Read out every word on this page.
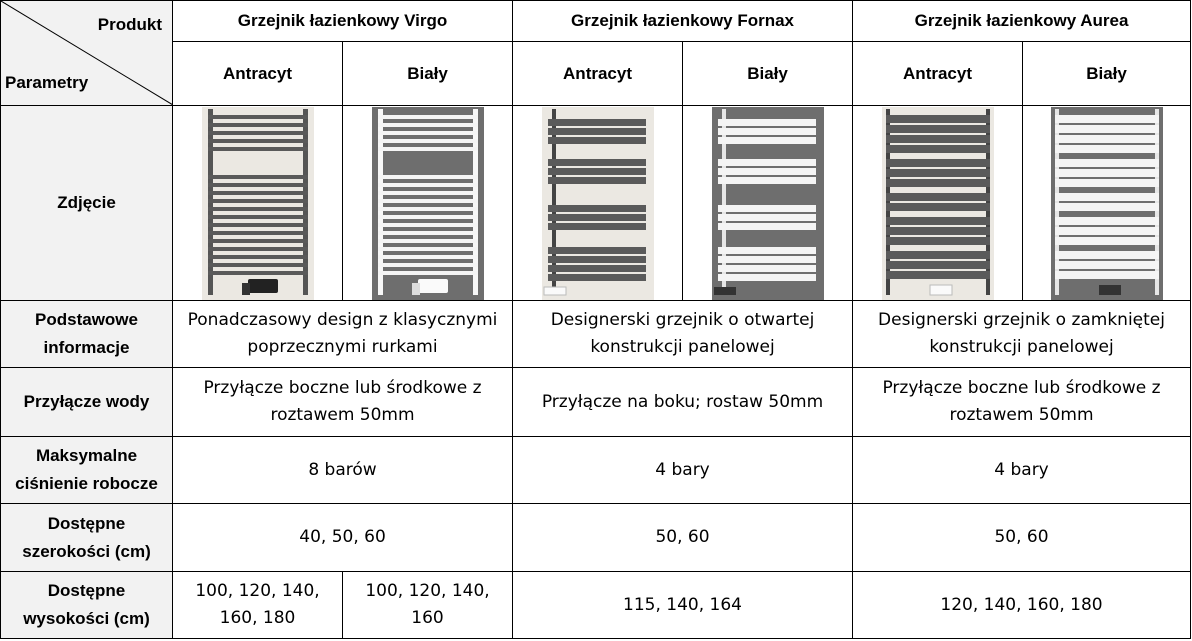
Produkt
Parametry	Grzejnik łazienkowy Virgo		Grzejnik łazienkowy Fornax		Grzejnik łazienkowy Aurea	
	Antracyt	Biały	Antracyt	Biały	Antracyt	Biały
Zdjęcie	

Podstawowe informacje	Ponadczasowy design z klasycznymi poprzecznymi rurkami		Designerski grzejnik o otwartej konstrukcji panelowej		Designerski grzejnik o zamkniętej konstrukcji panelowej	
Przyłącze wody	Przyłącze boczne lub środkowe z roztawem 50mm		Przyłącze na boku; rostaw 50mm		Przyłącze boczne lub środkowe z roztawem 50mm	
Maksymalne ciśnienie robocze	8 barów		4 bary		4 bary	
Dostępne szerokości (cm)	40, 50, 60		50, 60		50, 60	
Dostępne wysokości (cm)	100, 120, 140, 160, 180	100, 120, 140, 160	115, 140, 164		120, 140, 160, 180	
